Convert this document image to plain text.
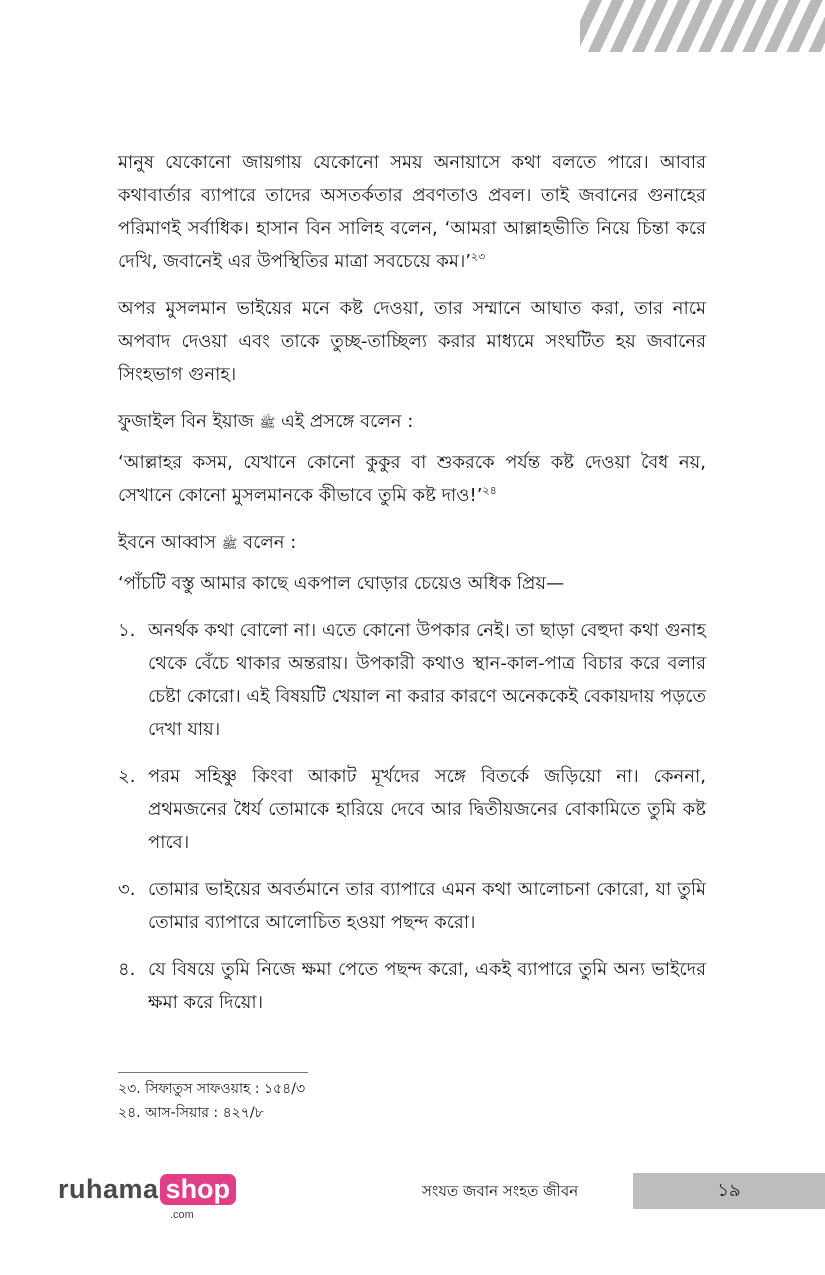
মানুষ যেকোনো জায়গায় যেকোনো সময় অনায়াসে কথা বলতে পারে। আবার কথাবার্তার ব্যাপারে তাদের অসতর্কতার প্রবণতাও প্রবল। তাই জবানের গুনাহের পরিমাণই সর্বাধিক। হাসান বিন সালিহ বলেন, ‘আমরা আল্লাহভীতি নিয়ে চিন্তা করে দেখি, জবানেই এর উপস্থিতির মাত্রা সবচেয়ে কম।’$^{২৩}$

অপর মুসলমান ভাইয়ের মনে কষ্ট দেওয়া, তার সম্মানে আঘাত করা, তার নামে অপবাদ দেওয়া এবং তাকে তুচ্ছ-তাচ্ছিল্য করার মাধ্যমে সংঘটিত হয় জবানের সিংহভাগ গুনাহ।

ফুজাইল বিন ইয়াজ ﷺ এই প্রসঙ্গে বলেন :

‘আল্লাহর কসম, যেখানে কোনো কুকুর বা শুকরকে পর্যন্ত কষ্ট দেওয়া বৈধ নয়, সেখানে কোনো মুসলমানকে কীভাবে তুমি কষ্ট দাও!’$^{২৪}$

ইবনে আব্বাস ﷺ বলেন :

‘পাঁচটি বস্তু আমার কাছে একপাল ঘোড়ার চেয়েও অধিক প্রিয়—

১. অনর্থক কথা বোলো না। এতে কোনো উপকার নেই। তা ছাড়া বেহুদা কথা গুনাহ থেকে বেঁচে থাকার অন্তরায়। উপকারী কথাও স্থান-কাল-পাত্র বিচার করে বলার চেষ্টা কোরো। এই বিষয়টি খেয়াল না করার কারণে অনেককেই বেকায়দায় পড়তে দেখা যায়।
২. পরম সহিষ্ণু কিংবা আকাট মূর্খদের সঙ্গে বিতর্কে জড়িয়ো না। কেননা, প্রথমজনের ধৈর্য তোমাকে হারিয়ে দেবে আর দ্বিতীয়জনের বোকামিতে তুমি কষ্ট পাবে।
৩. তোমার ভাইয়ের অবর্তমানে তার ব্যাপারে এমন কথা আলোচনা কোরো, যা তুমি তোমার ব্যাপারে আলোচিত হওয়া পছন্দ করো।
৪. যে বিষয়ে তুমি নিজে ক্ষমা পেতে পছন্দ করো, একই ব্যাপারে তুমি অন্য ভাইদের ক্ষমা করে দিয়ো।
২৩. সিফাতুস সাফওয়াহ : ১৫৪/৩
২৪. আস-সিয়ার : ৪২৭/৮
ruhama shop
.com
সংযত জবান সংহত জীবন	১৯
